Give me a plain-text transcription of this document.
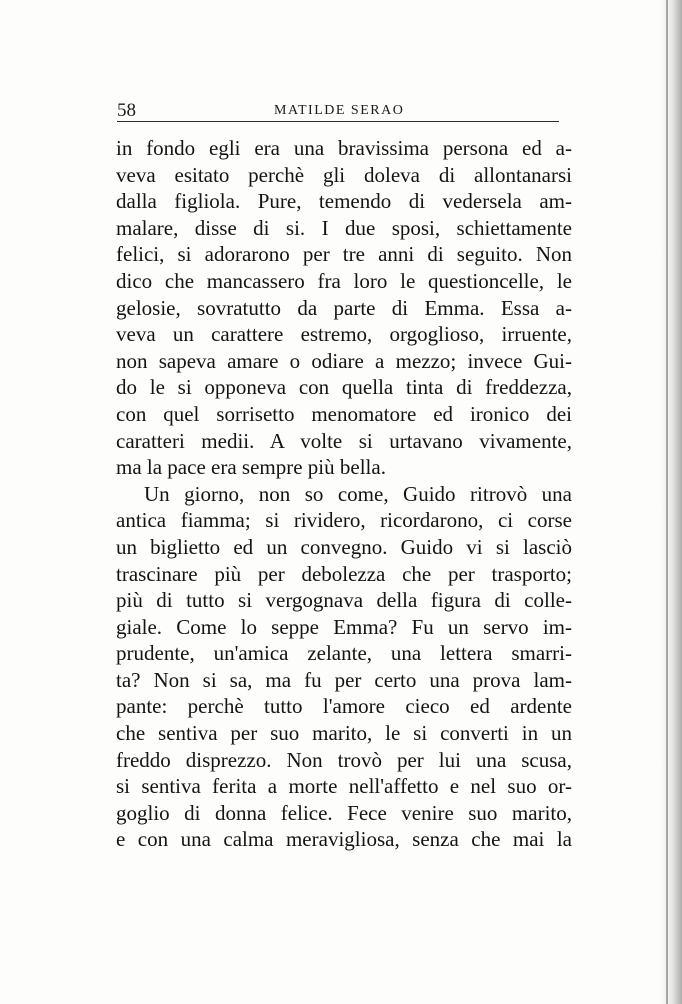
58	MATILDE SERAO
in fondo egli era una bravissima persona ed a-
veva esitato perchè gli doleva di allontanarsi
dalla figliola. Pure, temendo di vedersela am-
malare, disse di si. I due sposi, schiettamente
felici, si adorarono per tre anni di seguito. Non
dico che mancassero fra loro le questioncelle, le
gelosie, sovratutto da parte di Emma. Essa a-
veva un carattere estremo, orgoglioso, irruente,
non sapeva amare o odiare a mezzo; invece Gui-
do le si opponeva con quella tinta di freddezza,
con quel sorrisetto menomatore ed ironico dei
caratteri medii. A volte si urtavano vivamente,
ma la pace era sempre più bella.
Un giorno, non so come, Guido ritrovò una
antica fiamma; si rividero, ricordarono, ci corse
un biglietto ed un convegno. Guido vi si lasciò
trascinare più per debolezza che per trasporto;
più di tutto si vergognava della figura di colle-
giale. Come lo seppe Emma? Fu un servo im-
prudente, un'amica zelante, una lettera smarri-
ta? Non si sa, ma fu per certo una prova lam-
pante: perchè tutto l'amore cieco ed ardente
che sentiva per suo marito, le si converti in un
freddo disprezzo. Non trovò per lui una scusa,
si sentiva ferita a morte nell'affetto e nel suo or-
goglio di donna felice. Fece venire suo marito,
e con una calma meravigliosa, senza che mai la
